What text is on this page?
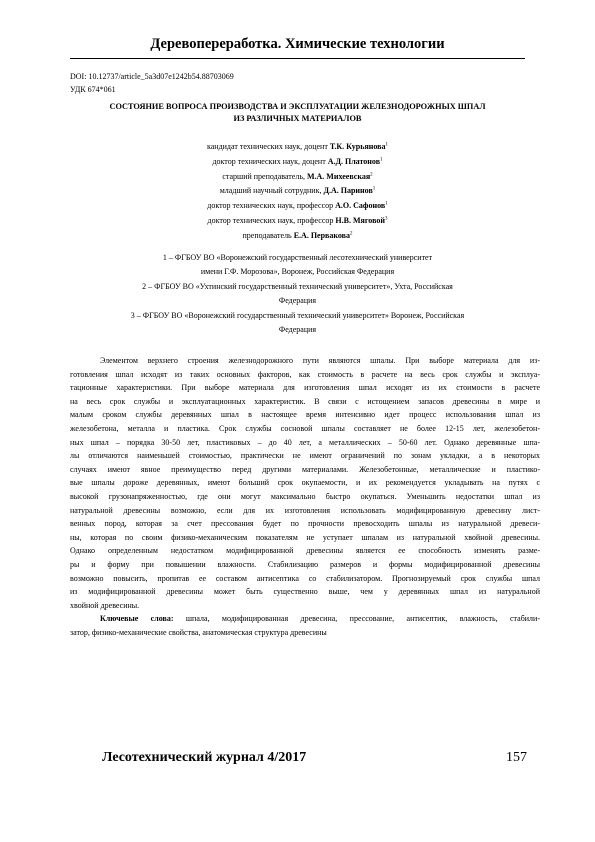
Деревопереработка. Химические технологии
DOI: 10.12737/article_5a3d07e1242b54.88703069
УДК 674*061
СОСТОЯНИЕ ВОПРОСА ПРОИЗВОДСТВА И ЭКСПЛУАТАЦИИ ЖЕЛЕЗНОДОРОЖНЫХ ШПАЛ
ИЗ РАЗЛИЧНЫХ МАТЕРИАЛОВ
кандидат технических наук, доцент Т.К. Курьянова$^1$
доктор технических наук, доцент А.Д. Платонов$^1$
старший преподаватель, М.А. Михеевская$^2$
младший научный сотрудник, Д.А. Паринов$^1$
доктор технических наук, профессор А.О. Сафонов$^1$
доктор технических наук, профессор Н.В. Мяговой$^3$
преподаватель Е.А. Первакова$^2$
1 – ФГБОУ ВО «Воронежский государственный лесотехнический университет
имени Г.Ф. Морозова», Воронеж, Российская Федерация
2 – ФГБОУ ВО «Ухтинский государственный технический университет», Ухта, Российская
Федерация
3 – ФГБОУ ВО «Воронежский государственный технический университет» Воронеж, Российская
Федерация
Элементом верхнего строения железнодорожного пути являются шпалы. При выборе материала для из-
готовления шпал исходят из таких основных факторов, как стоимость в расчете на весь срок службы и эксплуа-
тационные характеристики. При выборе материала для изготовления шпал исходят из их стоимости в расчете
на весь срок службы и эксплуатационных характеристик. В связи с истощением запасов древесины в мире и
малым сроком службы деревянных шпал в настоящее время интенсивно идет процесс использования шпал из
железобетона, металла и пластика. Срок службы сосновой шпалы составляет не более 12-15 лет, железобетон-
ных шпал – порядка 30-50 лет, пластиковых – до 40 лет, а металлических – 50-60 лет. Однако деревянные шпа-
лы отличаются наименьшей стоимостью, практически не имеют ограничений по зонам укладки, а в некоторых
случаях имеют явное преимущество перед другими материалами. Железобетонные, металлические и пластико-
вые шпалы дороже деревянных, имеют больший срок окупаемости, и их рекомендуется укладывать на путях с
высокой грузонапряженностью, где они могут максимально быстро окупаться. Уменьшить недостатки шпал из
натуральной древесины возможно, если для их изготовления использовать модифицированную древесину лист-
венных пород, которая за счет прессования будет по прочности превосходить шпалы из натуральной древеси-
ны, которая по своим физико-механическим показателям не уступает шпалам из натуральной хвойной древесины.
Однако определенным недостатком модифицированной древесины является ее способность изменять разме-
ры и форму при повышении влажности. Стабилизацию размеров и формы модифицированной древесины
возможно повысить, пропитав ее составом антисептика со стабилизатором. Прогнозируемый срок службы шпал
из модифицированной древесины может быть существенно выше, чем у деревянных шпал из натуральной
хвойной древесины.
Ключевые слова: шпала, модифицированная древесина, прессование, антисептик, влажность, стабили-
затор, физико-механические свойства, анатомическая структура древесины
Лесотехнический журнал 4/2017	157
